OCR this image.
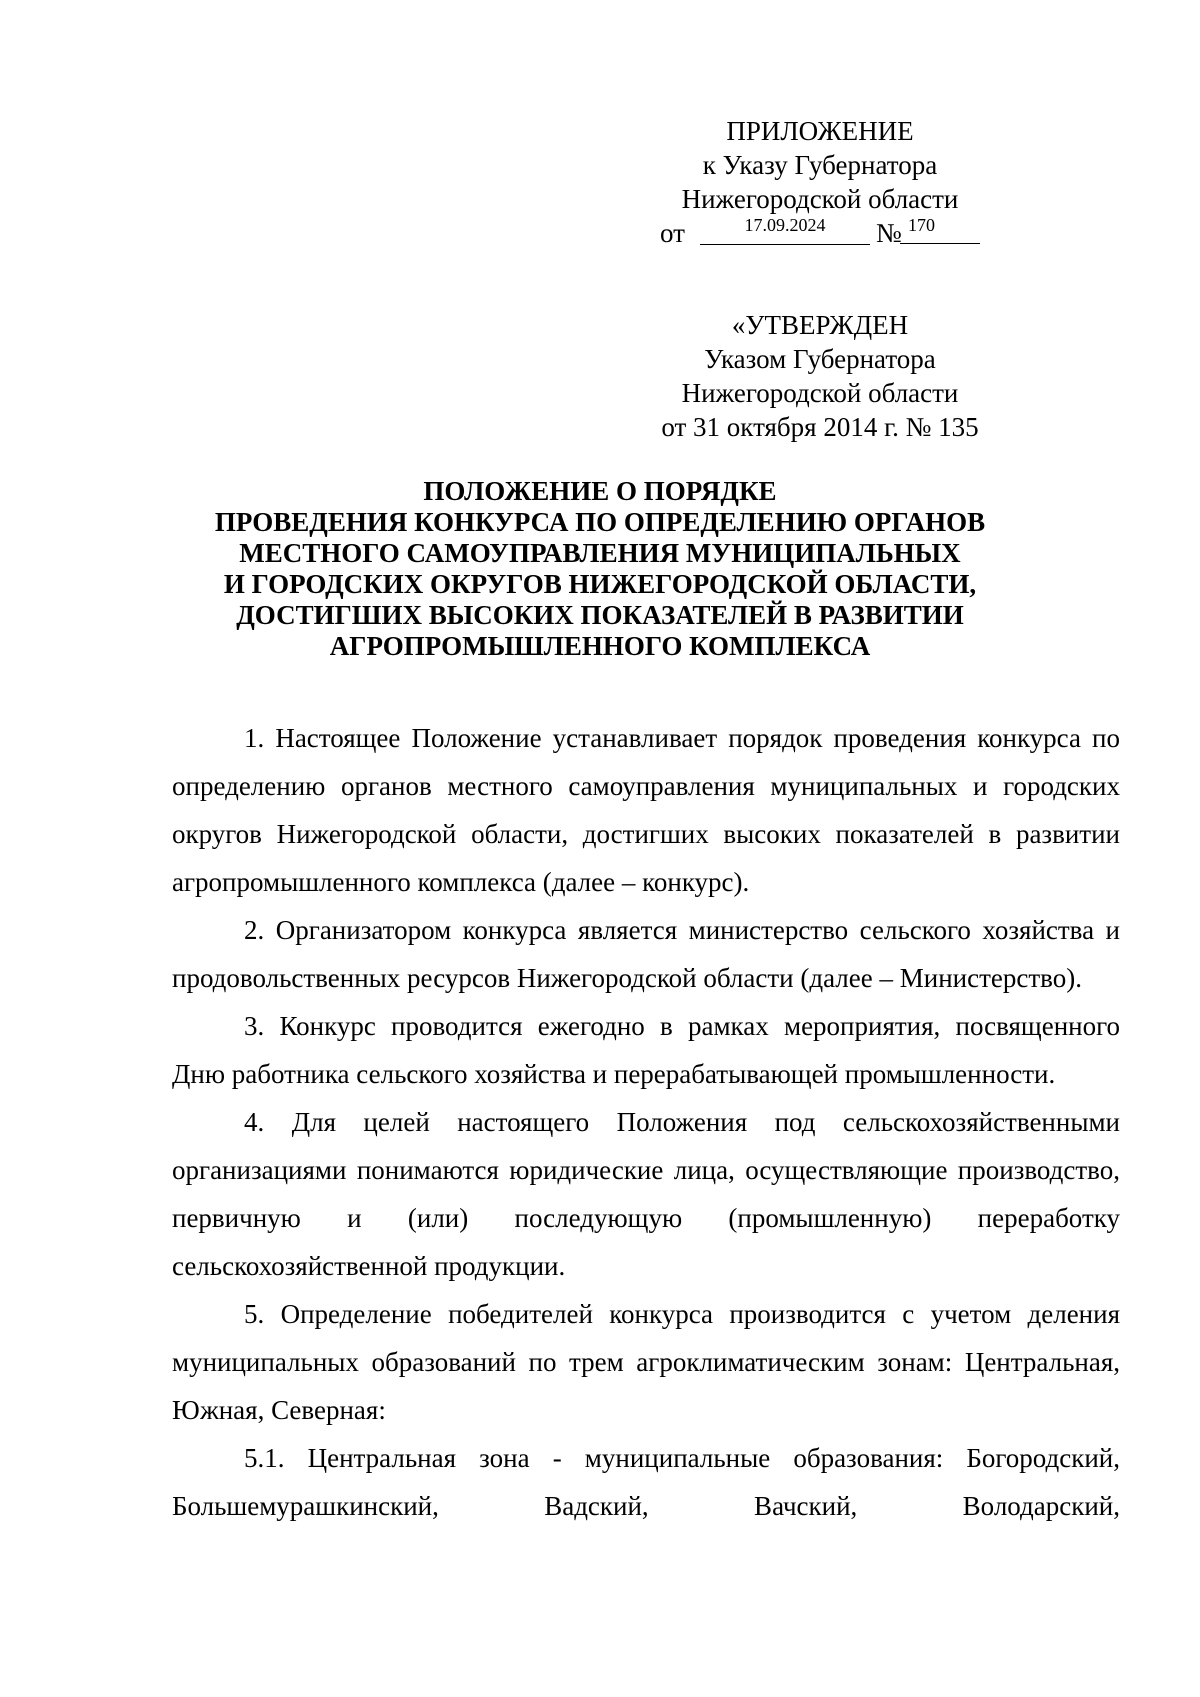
ПРИЛОЖЕНИЕ
к Указу Губернатора
Нижегородской области
от	17.09.2024	№ 170
«УТВЕРЖДЕН
Указом Губернатора
Нижегородской области
от 31 октября 2014 г. № 135
ПОЛОЖЕНИЕ О ПОРЯДКЕ
ПРОВЕДЕНИЯ КОНКУРСА ПО ОПРЕДЕЛЕНИЮ ОРГАНОВ
МЕСТНОГО САМОУПРАВЛЕНИЯ МУНИЦИПАЛЬНЫХ
И ГОРОДСКИХ ОКРУГОВ НИЖЕГОРОДСКОЙ ОБЛАСТИ,
ДОСТИГШИХ ВЫСОКИХ ПОКАЗАТЕЛЕЙ В РАЗВИТИИ
АГРОПРОМЫШЛЕННОГО КОМПЛЕКСА

1. Настоящее Положение устанавливает порядок проведения конкурса по определению органов местного самоуправления муниципальных и городских округов Нижегородской области, достигших высоких показателей в развитии агропромышленного комплекса (далее – конкурс).

2. Организатором конкурса является министерство сельского хозяйства и продовольственных ресурсов Нижегородской области (далее – Министерство).

3. Конкурс проводится ежегодно в рамках мероприятия, посвященного Дню работника сельского хозяйства и перерабатывающей промышленности.

4. Для целей настоящего Положения под сельскохозяйственными организациями понимаются юридические лица, осуществляющие производство, первичную и (или) последующую (промышленную) переработку сельскохозяйственной продукции.

5. Определение победителей конкурса производится с учетом деления муниципальных образований по трем агроклиматическим зонам: Центральная, Южная, Северная:

5.1. Центральная зона - муниципальные образования: Богородский, Большемурашкинский, Вадский, Вачский, Володарский,
